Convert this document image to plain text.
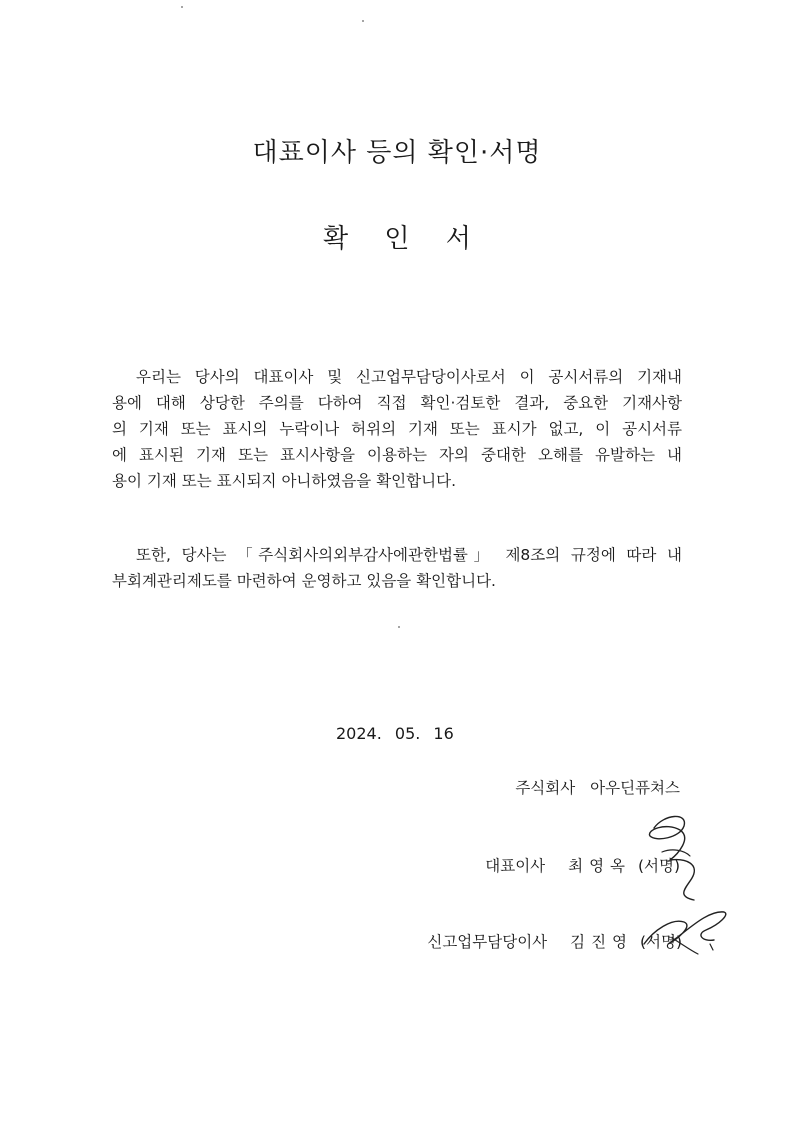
대표이사 등의 확인·서명
확 인 서
우리는 당사의 대표이사 및 신고업무담당이사로서 이 공시서류의 기재내
용에 대해 상당한 주의를 다하여 직접 확인·검토한 결과, 중요한 기재사항
의 기재 또는 표시의 누락이나 허위의 기재 또는 표시가 없고, 이 공시서류
에 표시된 기재 또는 표시사항을 이용하는 자의 중대한 오해를 유발하는 내
용이 기재 또는 표시되지 아니하였음을 확인합니다.
또한, 당사는 「주식회사의외부감사에관한법률」 제8조의 규정에 따라 내
부회계관리제도를 마련하여 운영하고 있음을 확인합니다.
2024. 05. 16
주식회사 아우딘퓨쳐스
대표이사 최영옥 (서명)
신고업무담당이사 김진영 (서명)
